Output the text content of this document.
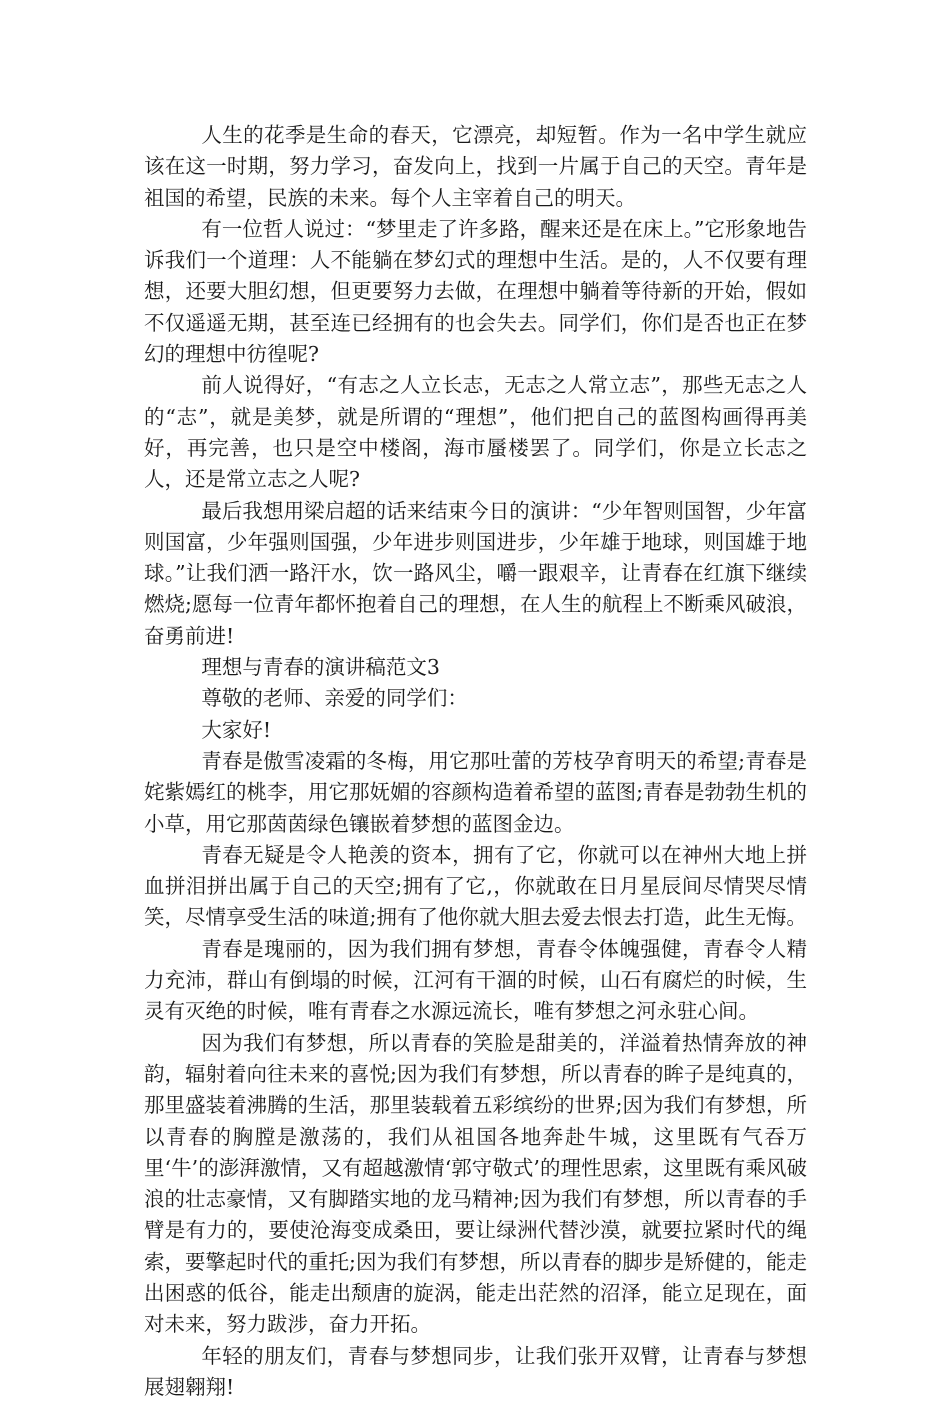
人生的花季是生命的春天，它漂亮，却短暂。作为一名中学生就应该在这一时期，努力学习，奋发向上，找到一片属于自己的天空。青年是祖国的希望，民族的未来。每个人主宰着自己的明天。

有一位哲人说过：“梦里走了许多路，醒来还是在床上。”它形象地告诉我们一个道理：人不能躺在梦幻式的理想中生活。是的，人不仅要有理想，还要大胆幻想，但更要努力去做，在理想中躺着等待新的开始，假如不仅遥遥无期，甚至连已经拥有的也会失去。同学们，你们是否也正在梦幻的理想中彷徨呢?

前人说得好，“有志之人立长志，无志之人常立志”，那些无志之人的“志”，就是美梦，就是所谓的“理想”，他们把自己的蓝图构画得再美好，再完善，也只是空中楼阁，海市蜃楼罢了。同学们，你是立长志之人，还是常立志之人呢?

最后我想用梁启超的话来结束今日的演讲：“少年智则国智，少年富则国富，少年强则国强，少年进步则国进步，少年雄于地球，则国雄于地球。”让我们洒一路汗水，饮一路风尘，嚼一跟艰辛，让青春在红旗下继续燃烧;愿每一位青年都怀抱着自己的理想，在人生的航程上不断乘风破浪，奋勇前进!

理想与青春的演讲稿范文3

尊敬的老师、亲爱的同学们：

大家好!

青春是傲雪凌霜的冬梅，用它那吐蕾的芳枝孕育明天的希望;青春是姹紫嫣红的桃李，用它那妩媚的容颜构造着希望的蓝图;青春是勃勃生机的小草，用它那茵茵绿色镶嵌着梦想的蓝图金边。

青春无疑是令人艳羡的资本，拥有了它，你就可以在神州大地上拼血拼泪拼出属于自己的天空;拥有了它,，你就敢在日月星辰间尽情哭尽情笑，尽情享受生活的味道;拥有了他你就大胆去爱去恨去打造，此生无悔。

青春是瑰丽的，因为我们拥有梦想，青春令体魄强健，青春令人精力充沛，群山有倒塌的时候，江河有干涸的时候，山石有腐烂的时候，生灵有灭绝的时候，唯有青春之水源远流长，唯有梦想之河永驻心间。

因为我们有梦想，所以青春的笑脸是甜美的，洋溢着热情奔放的神韵，辐射着向往未来的喜悦;因为我们有梦想，所以青春的眸子是纯真的，那里盛装着沸腾的生活，那里装载着五彩缤纷的世界;因为我们有梦想，所以青春的胸膛是激荡的，我们从祖国各地奔赴牛城，这里既有气吞万里‘牛’的澎湃激情，又有超越激情‘郭守敬式’的理性思索，这里既有乘风破浪的壮志豪情，又有脚踏实地的龙马精神;因为我们有梦想，所以青春的手臂是有力的，要使沧海变成桑田，要让绿洲代替沙漠，就要拉紧时代的绳索，要擎起时代的重托;因为我们有梦想，所以青春的脚步是矫健的，能走出困惑的低谷，能走出颓唐的旋涡，能走出茫然的沼泽，能立足现在，面对未来，努力跋涉，奋力开拓。

年轻的朋友们，青春与梦想同步，让我们张开双臂，让青春与梦想展翅翱翔!
